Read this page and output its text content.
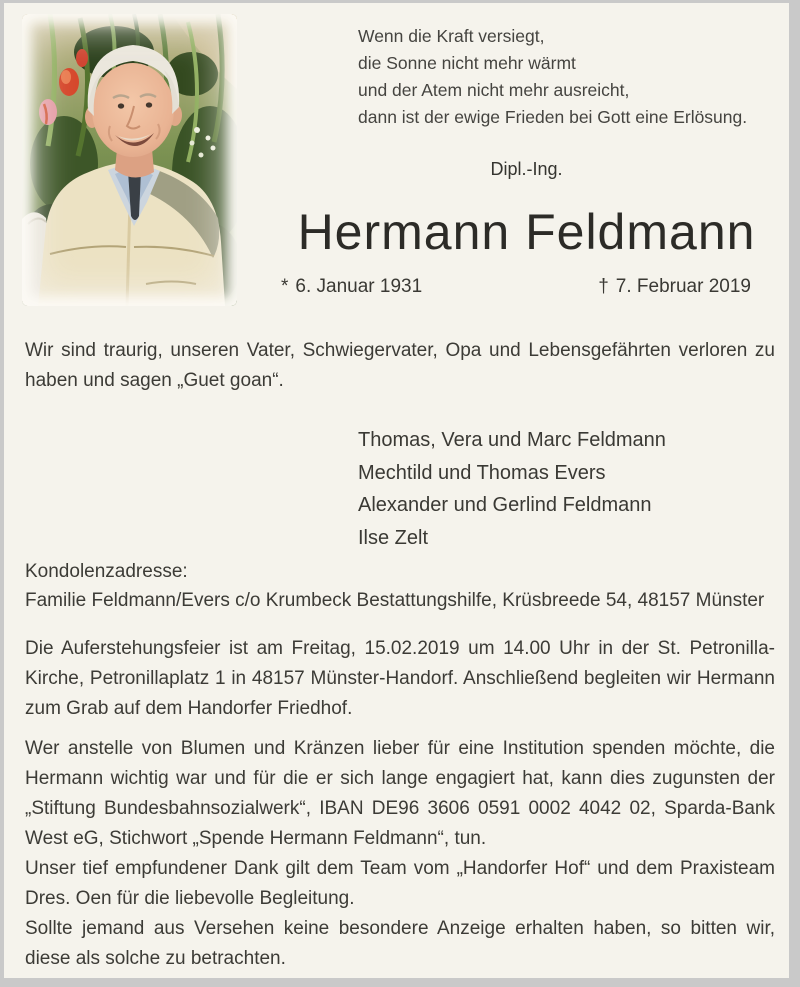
Wenn die Kraft versiegt,
die Sonne nicht mehr wärmt
und der Atem nicht mehr ausreicht,
dann ist der ewige Frieden bei Gott eine Erlösung.
Dipl.-Ing.
Hermann Feldmann
* 6. Januar 1931	† 7. Februar 2019

Wir sind traurig, unseren Vater, Schwiegervater, Opa und Lebensgefährten verloren zu haben und sagen „Guet goan“.

Thomas, Vera und Marc Feldmann
Mechtild und Thomas Evers
Alexander und Gerlind Feldmann
Ilse Zelt
Kondolenzadresse:
Familie Feldmann/Evers c/o Krumbeck Bestattungshilfe, Krüsbreede 54, 48157 Münster

Die Auferstehungsfeier ist am Freitag, 15.02.2019 um 14.00 Uhr in der St. Petronilla-Kirche, Petronillaplatz 1 in 48157 Münster-Handorf. Anschließend begleiten wir Hermann zum Grab auf dem Handorfer Friedhof.

Wer anstelle von Blumen und Kränzen lieber für eine Institution spenden möchte, die Hermann wichtig war und für die er sich lange engagiert hat, kann dies zugunsten der „Stiftung Bundesbahnsozialwerk“, IBAN DE96 3606 0591 0002 4042 02, Sparda-Bank West eG, Stichwort „Spende Hermann Feldmann“, tun.

Unser tief empfundener Dank gilt dem Team vom „Handorfer Hof“ und dem Praxisteam Dres. Oen für die liebevolle Begleitung.

Sollte jemand aus Versehen keine besondere Anzeige erhalten haben, so bitten wir, diese als solche zu betrachten.
